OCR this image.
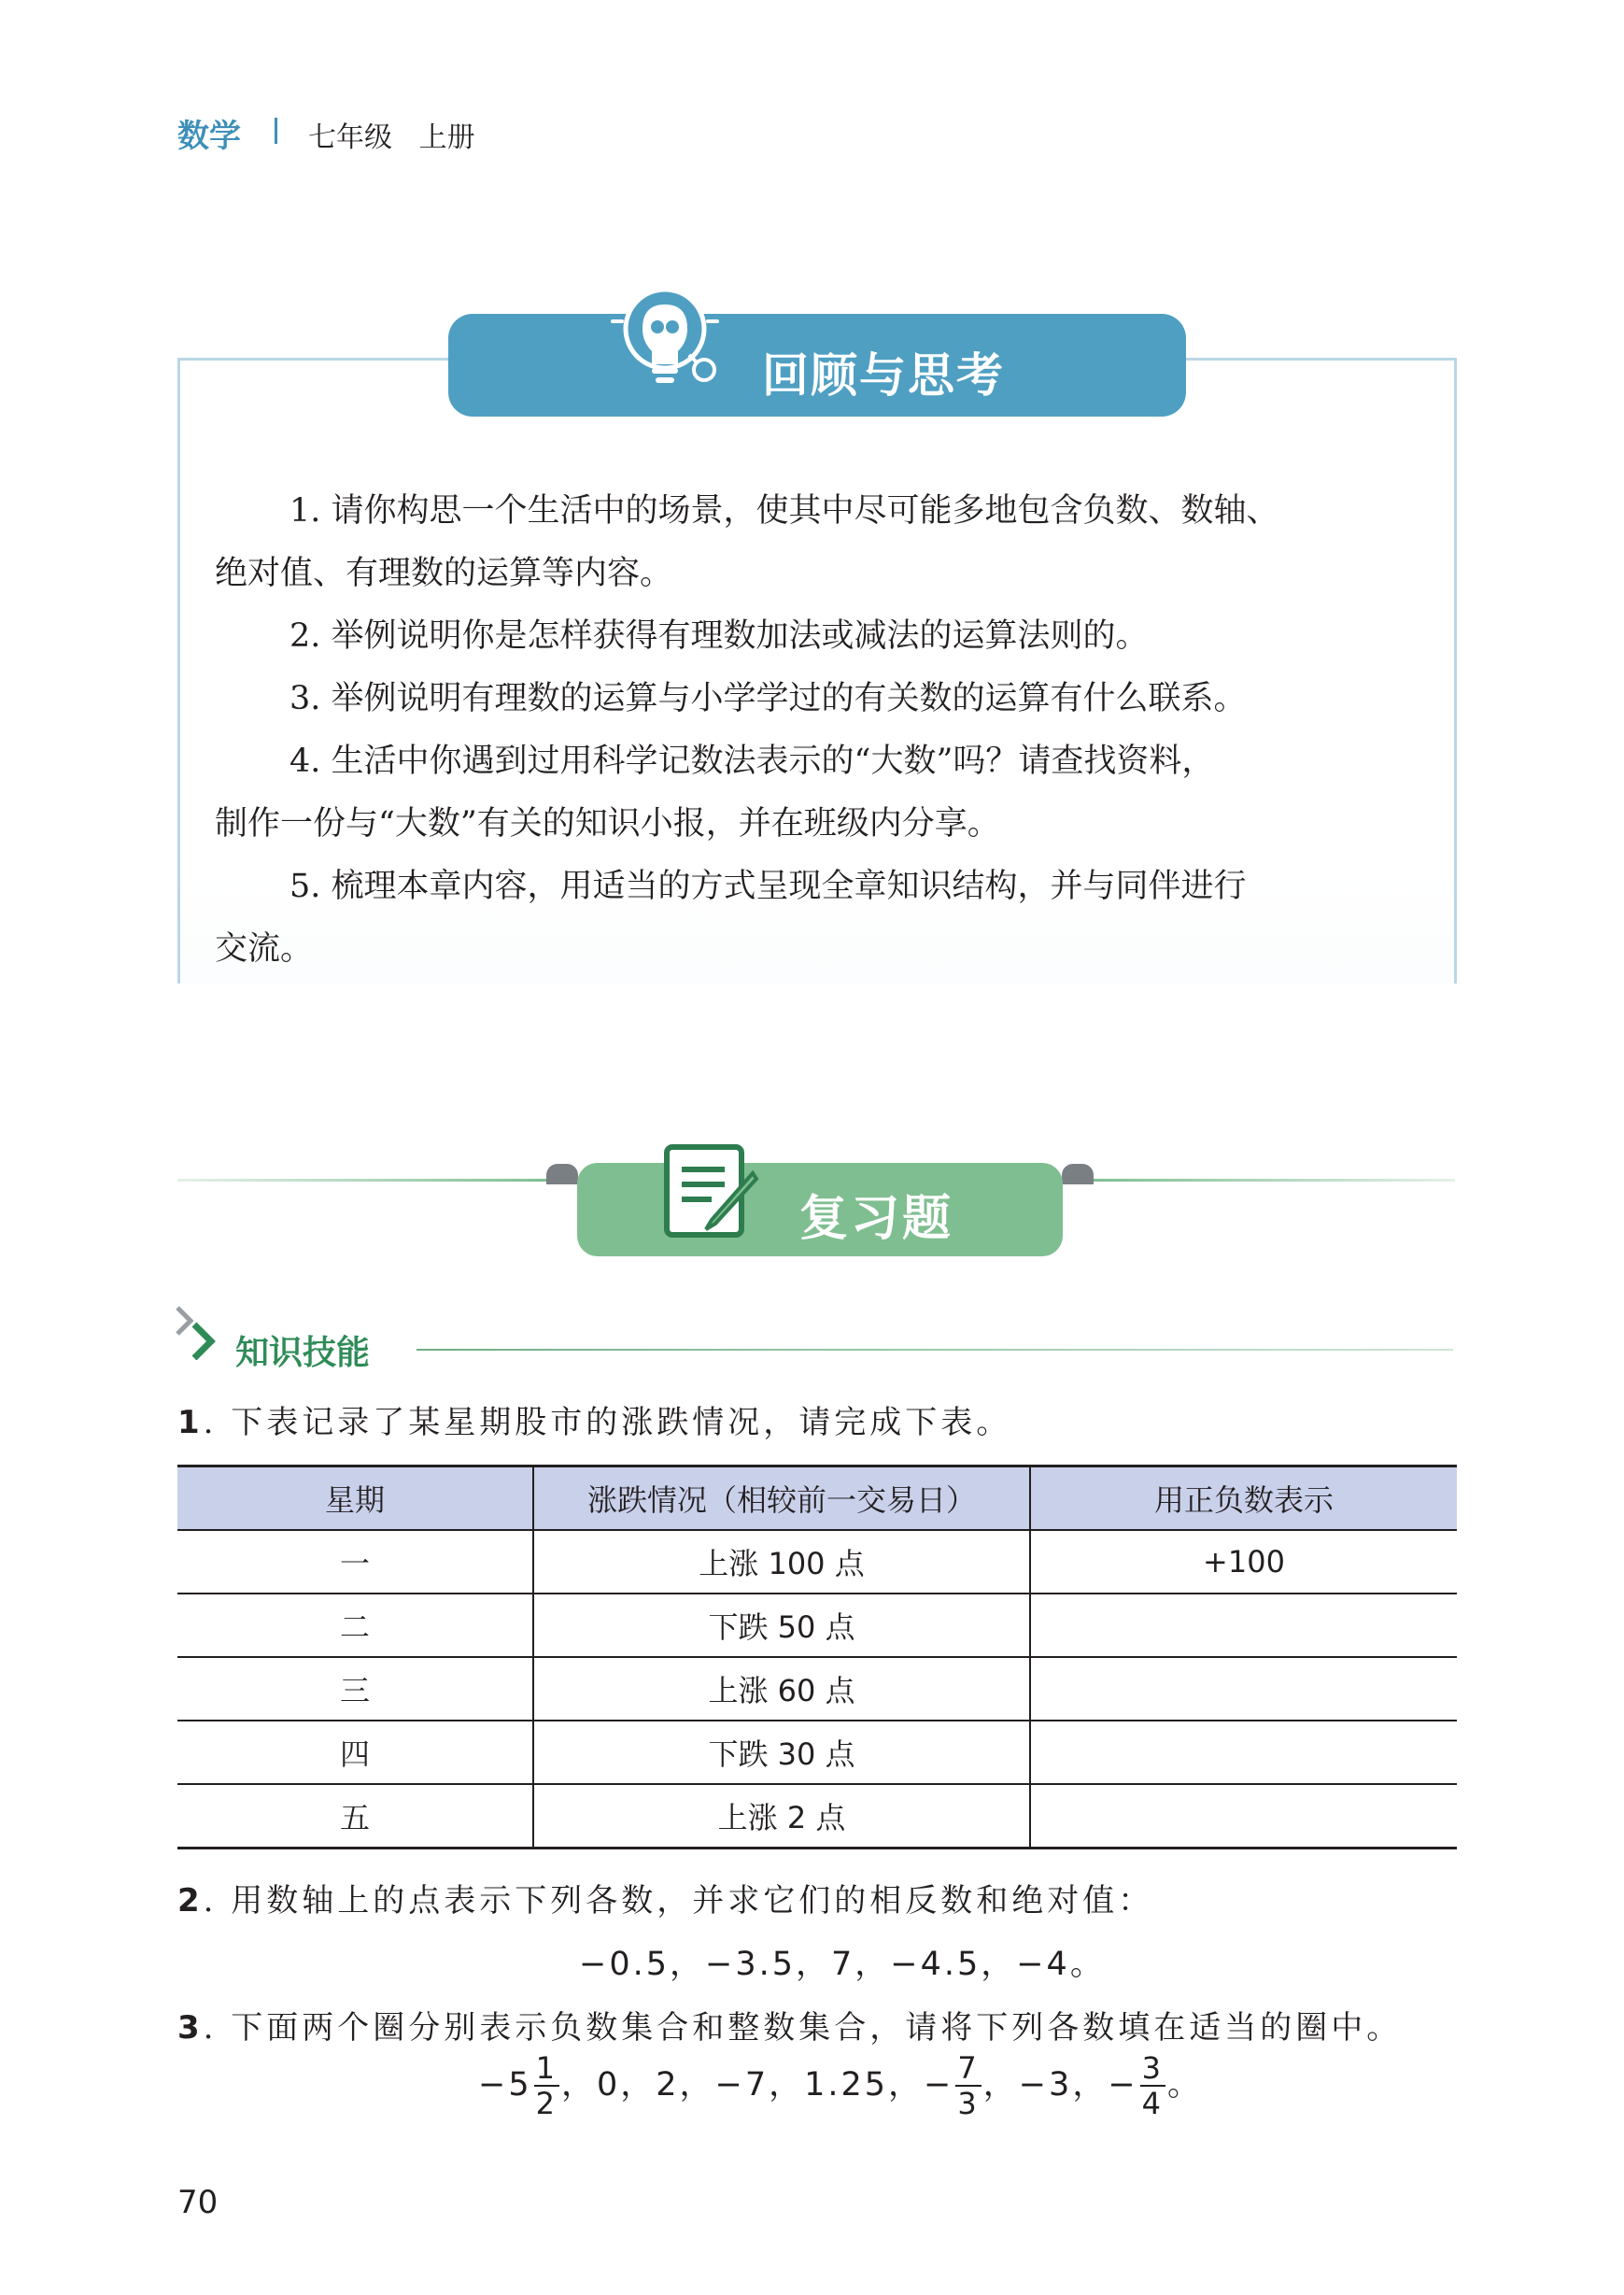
数学 七年级 上册
回顾与思考
1. 请你构思一个生活中的场景，使其中尽可能多地包含负数、数轴、
绝对值、有理数的运算等内容。
2. 举例说明你是怎样获得有理数加法或减法的运算法则的。
3. 举例说明有理数的运算与小学学过的有关数的运算有什么联系。
4. 生活中你遇到过用科学记数法表示的“大数”吗？请查找资料，
制作一份与“大数”有关的知识小报，并在班级内分享。
5. 梳理本章内容，用适当的方式呈现全章知识结构，并与同伴进行
交流。
复习题
知识技能
1. 下表记录了某星期股市的涨跌情况，请完成下表。
星期	涨跌情况（相较前一交易日）	用正负数表示
一	上涨 100 点	+100
二	下跌 50 点	
三	上涨 60 点	
四	下跌 30 点	
五	上涨 2 点	
2. 用数轴上的点表示下列各数，并求它们的相反数和绝对值：
−0.5，−3.5，7，−4.5，−4。
3. 下面两个圈分别表示负数集合和整数集合，请将下列各数填在适当的圈中。
$-5 \frac{1}{2}$ ，0，2，−7，1.25，− $\frac{7}{3}$ ，−3，− $\frac{3}{4}$ 。
70
